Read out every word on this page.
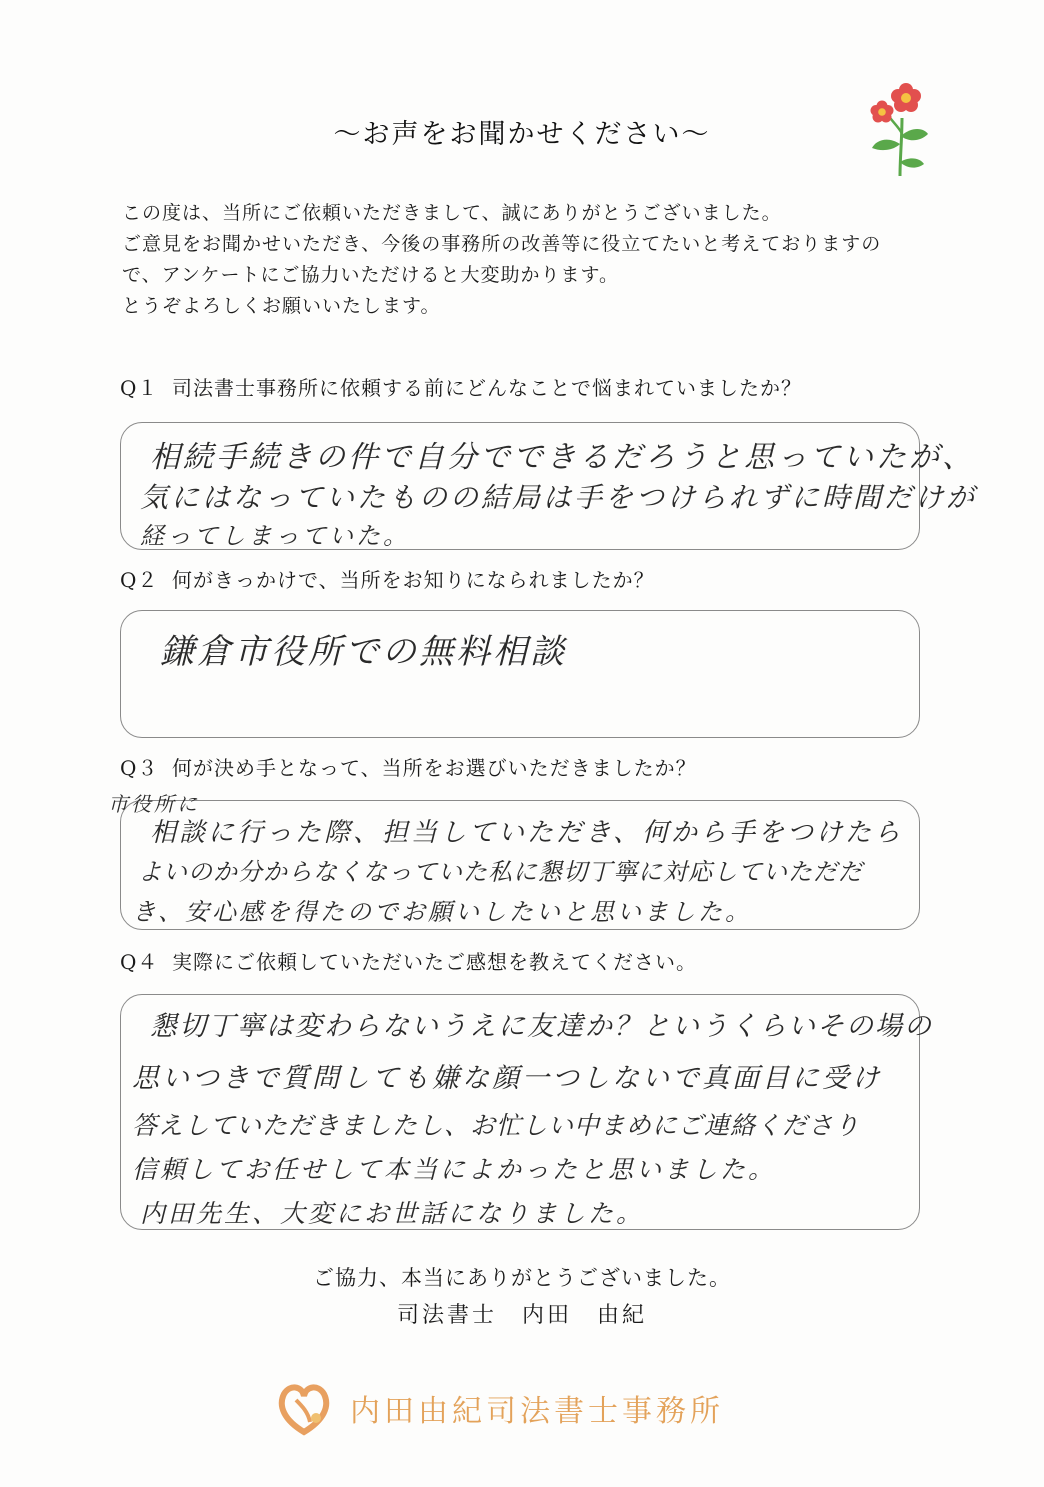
～お声をお聞かせください～
この度は、当所にご依頼いただきまして、誠にありがとうございました。
ご意見をお聞かせいただき、今後の事務所の改善等に役立てたいと考えておりますの
で、アンケートにご協力いただけると大変助かります。
とうぞよろしくお願いいたします。
Q１ 司法書士事務所に依頼する前にどんなことで悩まれていましたか？
相続手続きの件で自分でできるだろうと思っていたが、
気にはなっていたものの結局は手をつけられずに時間だけが
経ってしまっていた。
Q２ 何がきっかけで、当所をお知りになられましたか？
鎌倉市役所での無料相談
Q３ 何が決め手となって、当所をお選びいただきましたか？
市役所に
相談に行った際、担当していただき、何から手をつけたら
よいのか分からなくなっていた私に懇切丁寧に対応していただだ
き、安心感を得たのでお願いしたいと思いました。
Q４ 実際にご依頼していただいたご感想を教えてください。
懇切丁寧は変わらないうえに友達か？というくらいその場の
思いつきで質問しても嫌な顔一つしないで真面目に受け
答えしていただきましたし、お忙しい中まめにご連絡くださり
信頼してお任せして本当によかったと思いました。
内田先生、大変にお世話になりました。
ご協力、本当にありがとうございました。
司法書士　内田　由紀
内田由紀司法書士事務所
